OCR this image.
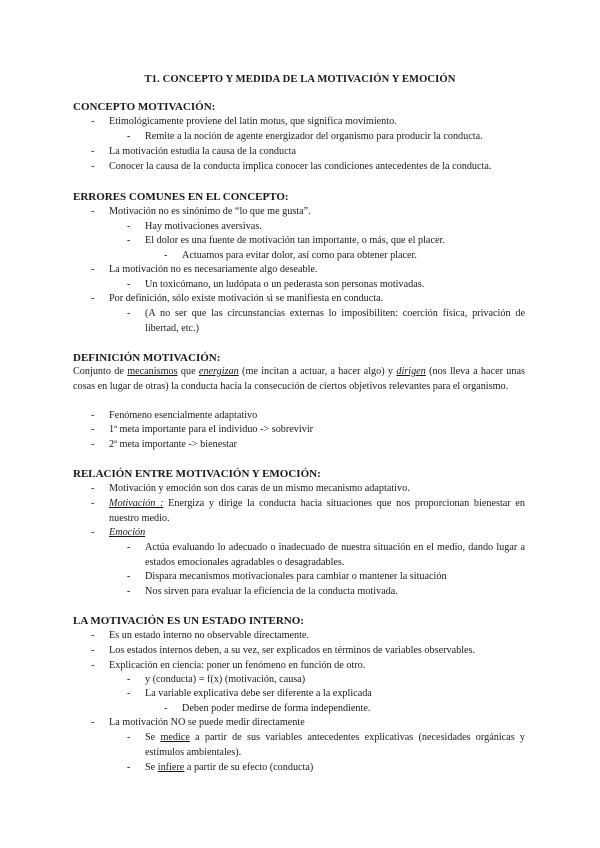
T1. CONCEPTO Y MEDIDA DE LA MOTIVACIÓN Y EMOCIÓN
CONCEPTO MOTIVACIÓN:
- Etimológicamente proviene del latín motus, que significa movimiento.
- Remite a la noción de agente energizador del organismo para producir la conducta.
- La motivación estudia la causa de la conducta
- Conocer la causa de la conducta implica conocer las condiciones antecedentes de la conducta.
ERRORES COMUNES EN EL CONCEPTO:
- Motivación no es sinónimo de “lo que me gusta”.
- Hay motivaciones aversivas.
- El dolor es una fuente de motivación tan importante, o más, que el placer.
- Actuamos para evitar dolor, así como para obtener placer.
- La motivación no es necesariamente algo deseable.
- Un toxicómano, un ludópata o un pederasta son personas motivadas.
- Por definición, sólo existe motivación si se manifiesta en conducta.
- (A no ser que las circunstancias externas lo imposibiliten: coerción física, privación de libertad, etc.)
DEFINICIÓN MOTIVACIÓN:
Conjunto de mecanismos que energizan (me incitan a actuar, a hacer algo) y dirigen (nos lleva a hacer unas cosas en lugar de otras) la conducta hacia la consecución de ciertos objetivos relevantes para el organismo.
- Fenómeno esencialmente adaptativo
- 1ª meta importante para el individuo -> sobrevivir
- 2ª meta importante -> bienestar
RELACIÓN ENTRE MOTIVACIÓN Y EMOCIÓN:
- Motivación y emoción son dos caras de un mismo mecanismo adaptativo.
- Motivación : Energiza y dirige la conducta hacia situaciones que nos proporcionan bienestar en nuestro medio.
- Emoción
- Actúa evaluando lo adecuado o inadecuado de nuestra situación en el medio, dando lugar a estados emocionales agradables o desagradables.
- Dispara mecanismos motivacionales para cambiar o mantener la situación
- Nos sirven para evaluar la eficiencia de la conducta motivada.
LA MOTIVACIÓN ES UN ESTADO INTERNO:
- Es un estado interno no observable directamente.
- Los estados internos deben, a su vez, ser explicados en términos de variables observables.
- Explicación en ciencia: poner un fenómeno en función de otro.
- y (conducta) = f(x) (motivación, causa)
- La variable explicativa debe ser diferente a la explicada
- Deben poder medirse de forma independiente.
- La motivación NO se puede medir directamente
- Se medice a partir de sus variables antecedentes explicativas (necesidades orgánicas y estímulos ambientales).
- Se infiere a partir de su efecto (conducta)
